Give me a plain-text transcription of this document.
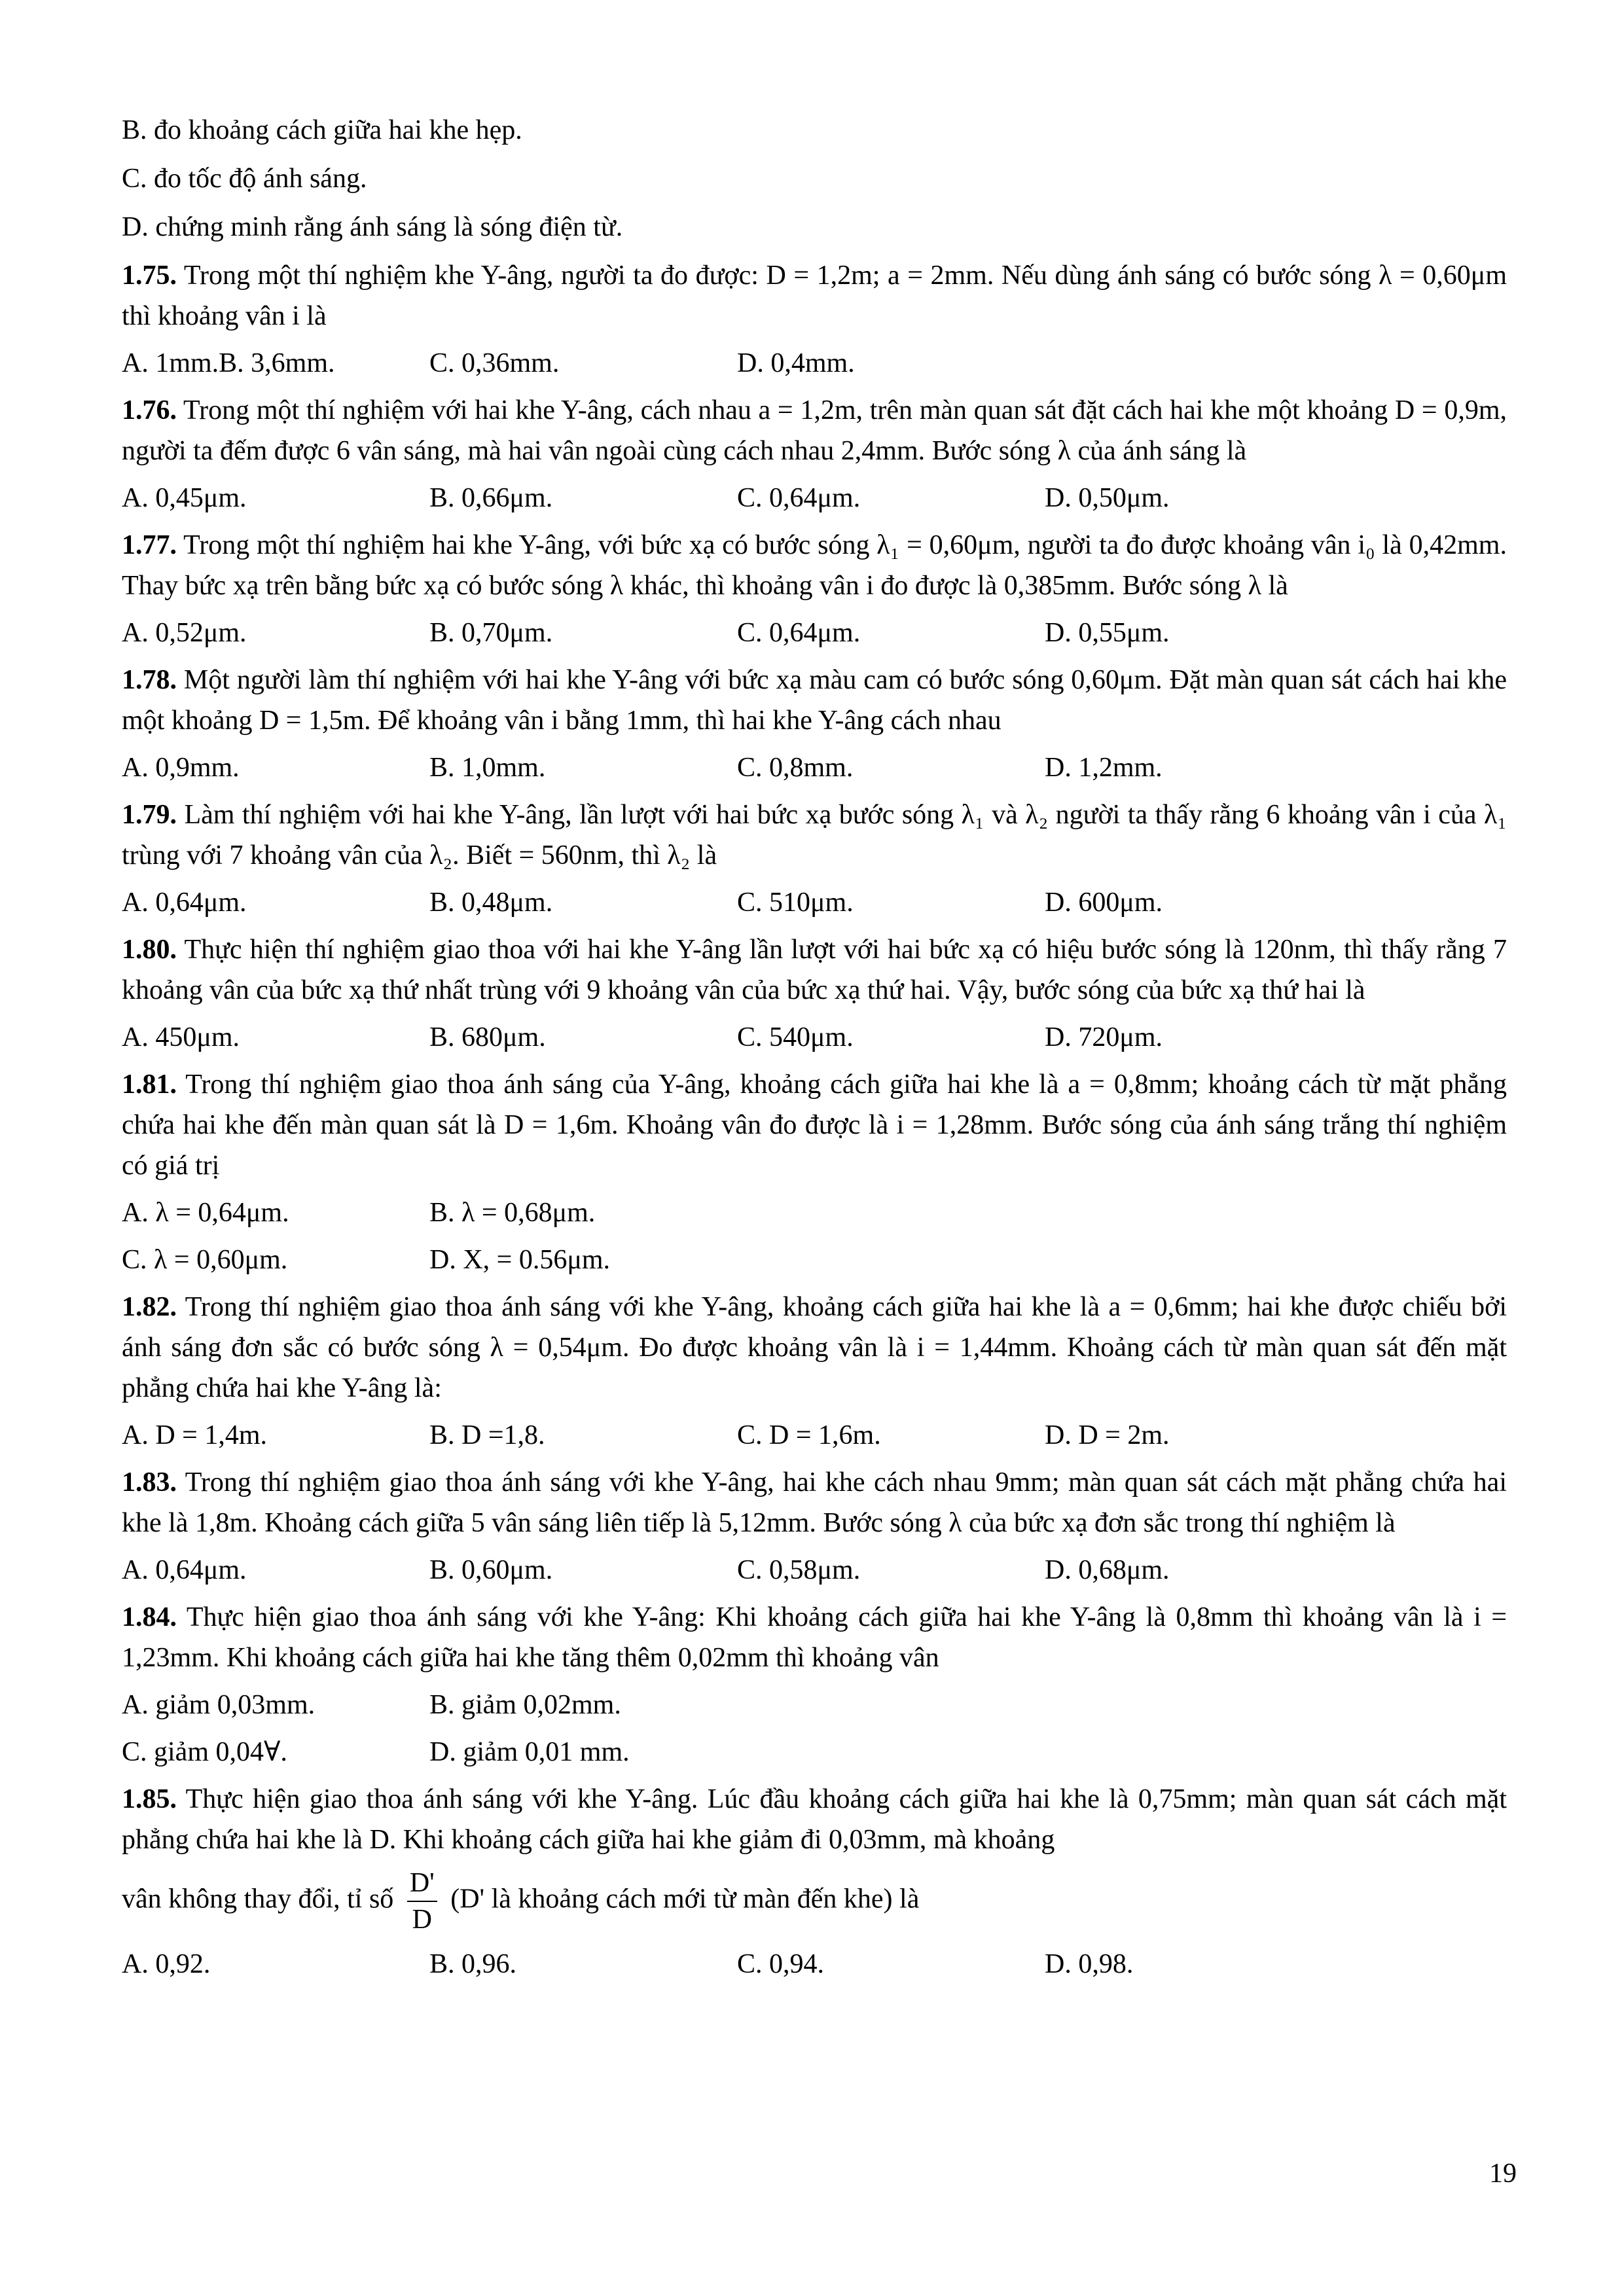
B. đo khoảng cách giữa hai khe hẹp.
C. đo tốc độ ánh sáng.
D. chứng minh rằng ánh sáng là sóng điện từ.
1.75. Trong một thí nghiệm khe Y-âng, người ta đo được: D = 1,2m; a = 2mm. Nếu dùng ánh sáng có bước sóng λ = 0,60μm thì khoảng vân i là
A. 1mm.B. 3,6mm.	C. 0,36mm.	D. 0,4mm.
1.76. Trong một thí nghiệm với hai khe Y-âng, cách nhau a = 1,2m, trên màn quan sát đặt cách hai khe một khoảng D = 0,9m, người ta đếm được 6 vân sáng, mà hai vân ngoài cùng cách nhau 2,4mm. Bước sóng λ của ánh sáng là
A. 0,45μm.	B. 0,66μm.	C. 0,64μm.	D. 0,50μm.
1.77. Trong một thí nghiệm hai khe Y-âng, với bức xạ có bước sóng λ₁ = 0,60μm, người ta đo được khoảng vân i₀ là 0,42mm. Thay bức xạ trên bằng bức xạ có bước sóng λ khác, thì khoảng vân i đo được là 0,385mm. Bước sóng λ là
A. 0,52μm.	B. 0,70μm.	C. 0,64μm.	D. 0,55μm.
1.78. Một người làm thí nghiệm với hai khe Y-âng với bức xạ màu cam có bước sóng 0,60μm. Đặt màn quan sát cách hai khe một khoảng D = 1,5m. Để khoảng vân i bằng 1mm, thì hai khe Y-âng cách nhau
A. 0,9mm.	B. 1,0mm.	C. 0,8mm.	D. 1,2mm.
1.79. Làm thí nghiệm với hai khe Y-âng, lần lượt với hai bức xạ bước sóng λ₁ và λ₂ người ta thấy rằng 6 khoảng vân i của λ₁ trùng với 7 khoảng vân của λ₂. Biết = 560nm, thì λ₂ là
A. 0,64μm.	B. 0,48μm.	C. 510μm.	D. 600μm.
1.80. Thực hiện thí nghiệm giao thoa với hai khe Y-âng lần lượt với hai bức xạ có hiệu bước sóng là 120nm, thì thấy rằng 7 khoảng vân của bức xạ thứ nhất trùng với 9 khoảng vân của bức xạ thứ hai. Vậy, bước sóng của bức xạ thứ hai là
A. 450μm.	B. 680μm.	C. 540μm.	D. 720μm.
1.81. Trong thí nghiệm giao thoa ánh sáng của Y-âng, khoảng cách giữa hai khe là a = 0,8mm; khoảng cách từ mặt phẳng chứa hai khe đến màn quan sát là D = 1,6m. Khoảng vân đo được là i = 1,28mm. Bước sóng của ánh sáng trắng thí nghiệm có giá trị
A. λ = 0,64μm.	B. λ = 0,68μm.
C. λ = 0,60μm.	D. X, = 0.56μm.
1.82. Trong thí nghiệm giao thoa ánh sáng với khe Y-âng, khoảng cách giữa hai khe là a = 0,6mm; hai khe được chiếu bởi ánh sáng đơn sắc có bước sóng λ = 0,54μm. Đo được khoảng vân là i = 1,44mm. Khoảng cách từ màn quan sát đến mặt phẳng chứa hai khe Y-âng là:
A. D = 1,4m.	B. D =1,8.	C. D = 1,6m.	D. D = 2m.
1.83. Trong thí nghiệm giao thoa ánh sáng với khe Y-âng, hai khe cách nhau 9mm; màn quan sát cách mặt phẳng chứa hai khe là 1,8m. Khoảng cách giữa 5 vân sáng liên tiếp là 5,12mm. Bước sóng λ của bức xạ đơn sắc trong thí nghiệm là
A. 0,64μm.	B. 0,60μm.	C. 0,58μm.	D. 0,68μm.
1.84. Thực hiện giao thoa ánh sáng với khe Y-âng: Khi khoảng cách giữa hai khe Y-âng là 0,8mm thì khoảng vân là i = 1,23mm. Khi khoảng cách giữa hai khe tăng thêm 0,02mm thì khoảng vân
A. giảm 0,03mm.	B. giảm 0,02mm.
C. giảm 0,04∀.	D. giảm 0,01 mm.
1.85. Thực hiện giao thoa ánh sáng với khe Y-âng. Lúc đầu khoảng cách giữa hai khe là 0,75mm; màn quan sát cách mặt phẳng chứa hai khe là D. Khi khoảng cách giữa hai khe giảm đi 0,03mm, mà khoảng
vân không thay đổi, tỉ số $\frac{D'}{D} (D'$ là khoảng cách mới từ màn đến khe) là
A. 0,92.	B. 0,96.	C. 0,94.	D. 0,98.
19
